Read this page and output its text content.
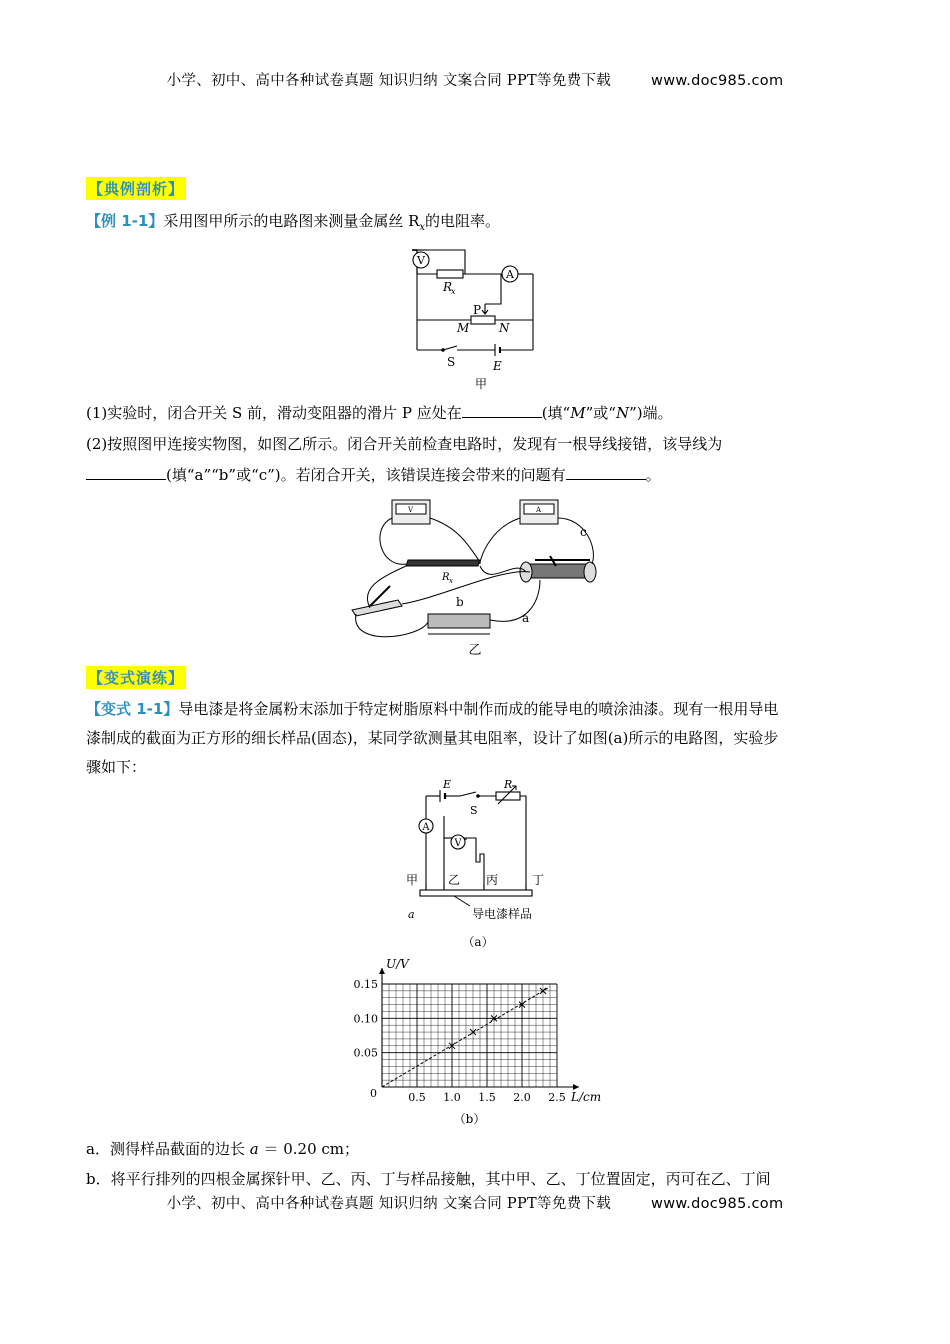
小学、初中、高中各种试卷真题 知识归纳 文案合同 PPT等免费下载	www.doc985.com
【典例剖析】
【例 1-1】采用图甲所示的电路图来测量金属丝 $R_x$的电阻率。
V
R
x
A
P
M N
S	E
甲
(1)实验时，闭合开关 S 前，滑动变阻器的滑片 P 应处在	(填“M”或“N”)端。
(2)按照图甲连接实物图，如图乙所示。闭合开关前检查电路时，发现有一根导线接错，该导线为
(填“a”“b”或“c”)。若闭合开关，该错误连接会带来的问题有	。
V	A
R x
b
a
c
乙
【变式演练】
【变式 1-1】导电漆是将金属粉末添加于特定树脂原料中制作而成的能导电的喷涂油漆。现有一根用导电
漆制成的截面为正方形的细长样品(固态)，某同学欲测量其电阻率，设计了如图(a)所示的电路图，实验步
骤如下：
A
V
E
S
R
甲 乙 丙	丁
a	导电漆样品
（a）
0.5 1.0 1.5 2.0 2.5
0.05
0.10
0.15
0	L/cm
U/V
（b）
a．测得样品截面的边长 a ＝ 0.20 cm；
b．将平行排列的四根金属探针甲、乙、丙、丁与样品接触，其中甲、乙、丁位置固定，丙可在乙、丁间
小学、初中、高中各种试卷真题 知识归纳 文案合同 PPT等免费下载	www.doc985.com
